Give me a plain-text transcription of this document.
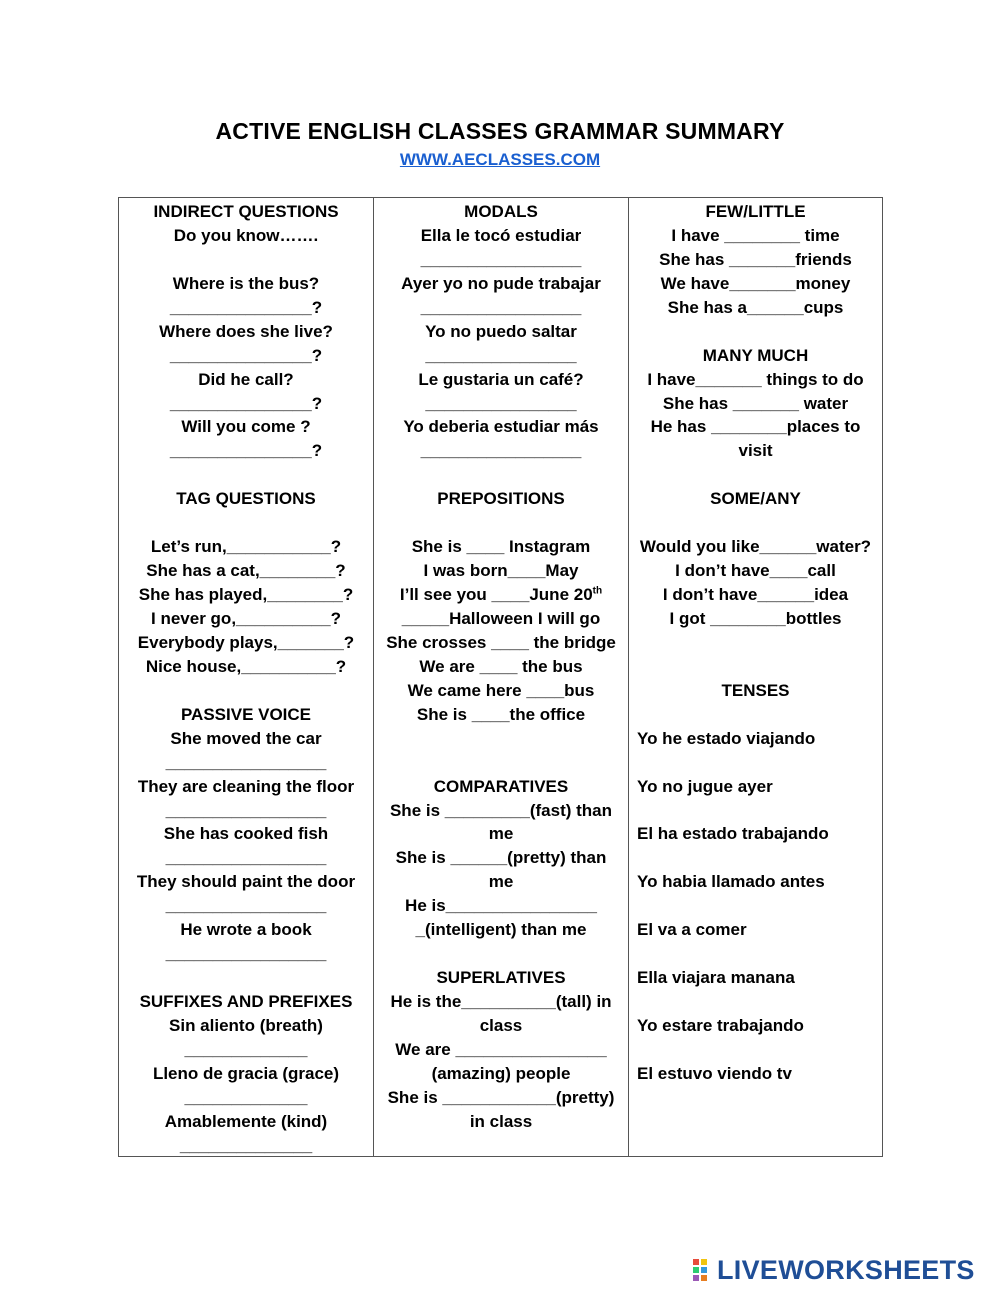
ACTIVE ENGLISH CLASSES GRAMMAR SUMMARY
WWW.AECLASSES.COM
INDIRECT QUESTIONS
Do you know…….
Where is the bus?
_______________?
Where does she live?
_______________?
Did he call?
_______________?
Will you come ?
_______________?
TAG QUESTIONS
Let’s run,___________?
She has a cat,________?
She has played,________?
I never go,__________?
Everybody plays,_______?
Nice house,__________?
PASSIVE VOICE
She moved the car
_________________
They are cleaning the floor
_________________
She has cooked fish
_________________
They should paint the door
_________________
He wrote a book
_________________
SUFFIXES AND PREFIXES
Sin aliento (breath)
_____________
Lleno de gracia (grace)
_____________
Amablemente (kind)
______________
MODALS
Ella le tocó estudiar
_________________
Ayer yo no pude trabajar
_________________
Yo no puedo saltar
________________
Le gustaria un café?
________________
Yo deberia estudiar más
_________________
PREPOSITIONS
She is ____ Instagram
I was born____May
I’ll see you ____June 20th
_____Halloween I will go
She crosses ____ the bridge
We are ____ the bus
We came here ____bus
She is ____the office
COMPARATIVES
She is _________(fast) than
me
She is ______(pretty) than
me
He is________________
_(intelligent) than me
SUPERLATIVES
He is the__________(tall) in
class
We are ________________
(amazing) people
She is ____________(pretty)
in class
FEW/LITTLE
I have ________ time
She has _______friends
We have_______money
She has a______cups
MANY MUCH
I have_______ things to do
She has _______ water
He has ________places to
visit
SOME/ANY
Would you like______water?
I don’t have____call
I don’t have______idea
I got ________bottles
TENSES
Yo he estado viajando
Yo no jugue ayer
El ha estado trabajando
Yo habia llamado antes
El va a comer
Ella viajara manana
Yo estare trabajando
El estuvo viendo tv
LIVEWORKSHEETS
